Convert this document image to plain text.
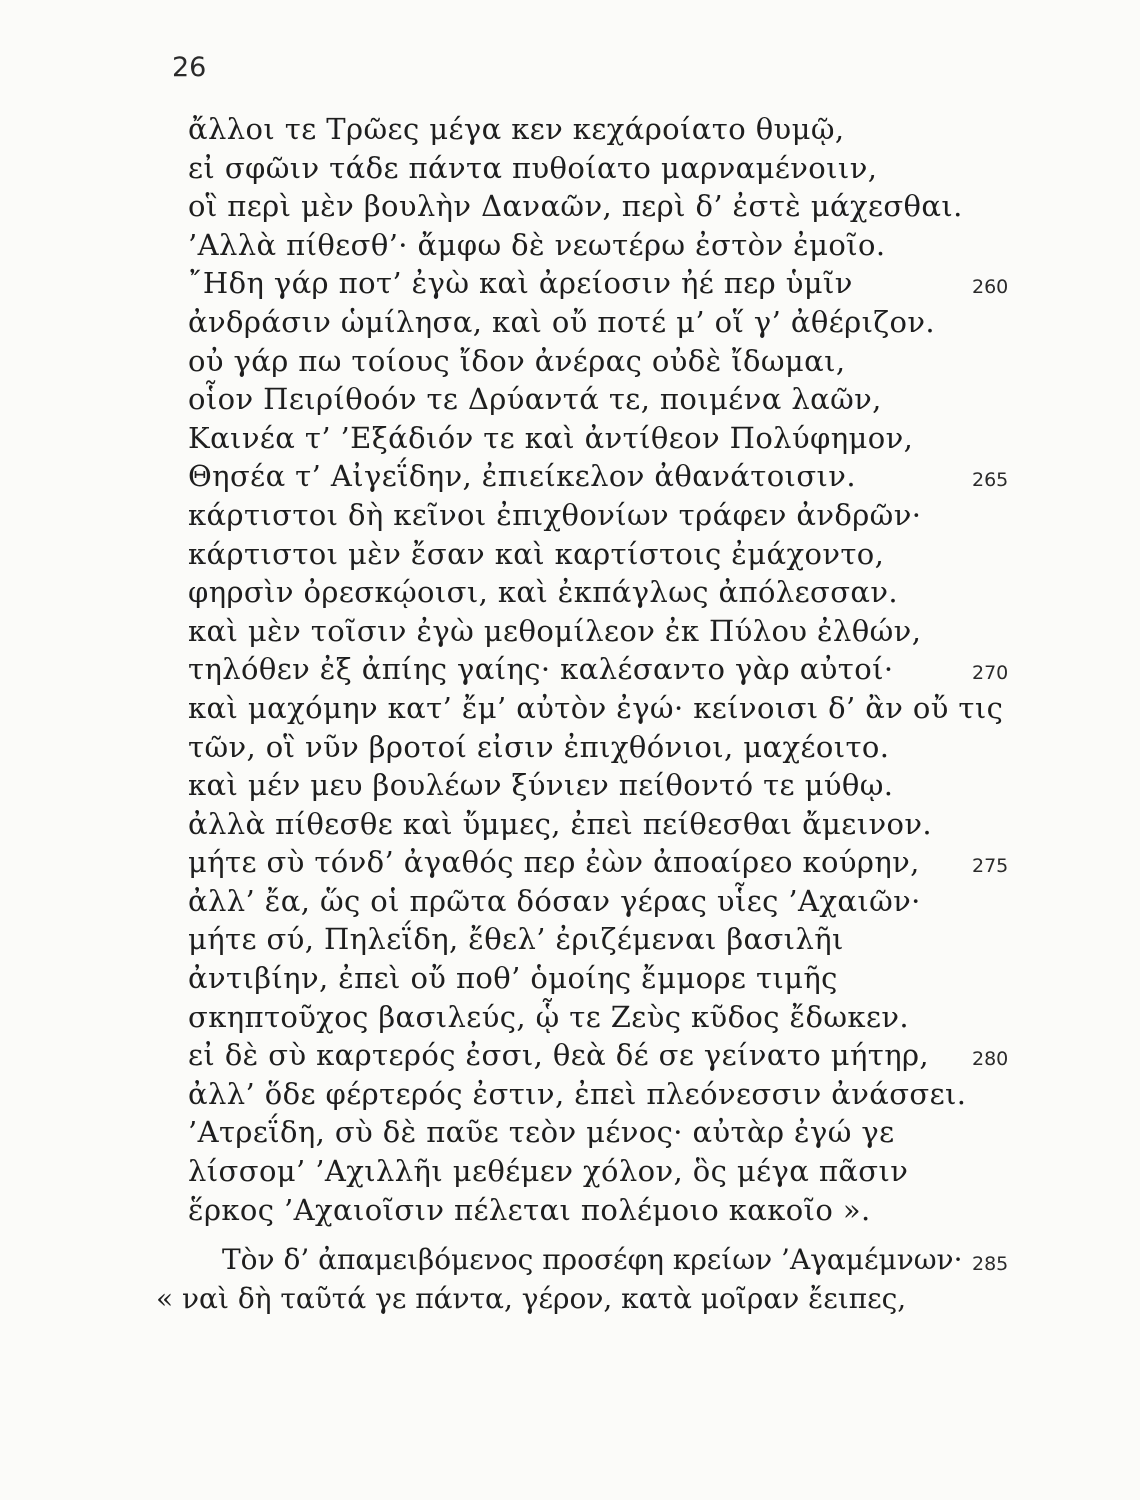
26
ἄλλοι τε Τρῶες μέγα κεν κεχάροίατο θυμῷ,
εἰ σφῶιν τάδε πάντα πυθοίατο μαρναμένοιιν,
οἳ περὶ μὲν βουλὴν Δαναῶν, περὶ δ’ ἐστὲ μάχεσθαι.
’Αλλὰ πίθεσθ’· ἄμφω δὲ νεωτέρω ἐστὸν ἐμοῖο.
῎Ηδη γάρ ποτ’ ἐγὼ καὶ ἀρείοσιν ἠέ περ ὑμῖν	260
ἀνδράσιν ὡμίλησα, καὶ οὔ ποτέ μ’ οἵ γ’ ἀθέριζον.
οὐ γάρ πω τοίους ἴδον ἀνέρας οὐδὲ ἴδωμαι,
οἷον Πειρίθοόν τε Δρύαντά τε, ποιμένα λαῶν,
Καινέα τ’ ’Εξάδιόν τε καὶ ἀντίθεον Πολύφημον,
Θησέα τ’ Αἰγεΐδην, ἐπιείκελον ἀθανάτοισιν.	265
κάρτιστοι δὴ κεῖνοι ἐπιχθονίων τράφεν ἀνδρῶν·
κάρτιστοι μὲν ἔσαν καὶ καρτίστοις ἐμάχοντο,
φηρσὶν ὀρεσκῴοισι, καὶ ἐκπάγλως ἀπόλεσσαν.
καὶ μὲν τοῖσιν ἐγὼ μεθομίλεον ἐκ Πύλου ἐλθών,
τηλόθεν ἐξ ἀπίης γαίης· καλέσαντο γὰρ αὐτοί·	270
καὶ μαχόμην κατ’ ἔμ’ αὐτὸν ἐγώ· κείνοισι δ’ ἂν οὔ τις
τῶν, οἳ νῦν βροτοί εἰσιν ἐπιχθόνιοι, μαχέοιτο.
καὶ μέν μευ βουλέων ξύνιεν πείθοντό τε μύθῳ.
ἀλλὰ πίθεσθε καὶ ὔμμες, ἐπεὶ πείθεσθαι ἄμεινον.
μήτε σὺ τόνδ’ ἀγαθός περ ἐὼν ἀποαίρεο κούρην,	275
ἀλλ’ ἔα, ὥς οἱ πρῶτα δόσαν γέρας υἷες ’Αχαιῶν·
μήτε σύ, Πηλεΐδη, ἔθελ’ ἐριζέμεναι βασιλῆι
ἀντιβίην, ἐπεὶ οὔ ποθ’ ὁμοίης ἔμμορε τιμῆς
σκηπτοῦχος βασιλεύς, ᾧ τε Ζεὺς κῦδος ἔδωκεν.
εἰ δὲ σὺ καρτερός ἐσσι, θεὰ δέ σε γείνατο μήτηρ, 280
ἀλλ’ ὅδε φέρτερός ἐστιν, ἐπεὶ πλεόνεσσιν ἀνάσσει.
’Ατρεΐδη, σὺ δὲ παῦε τεὸν μένος· αὐτὰρ ἐγώ γε
λίσσομ’ ’Αχιλλῆι μεθέμεν χόλον, ὃς μέγα πᾶσιν
ἕρκος ’Αχαιοῖσιν πέλεται πολέμοιο κακοῖο ».
Τὸν δ’ ἀπαμειβόμενος προσέφη κρείων ’Αγαμέμνων· 285
« ναὶ δὴ ταῦτά γε πάντα, γέρον, κατὰ μοῖραν ἔειπες,
